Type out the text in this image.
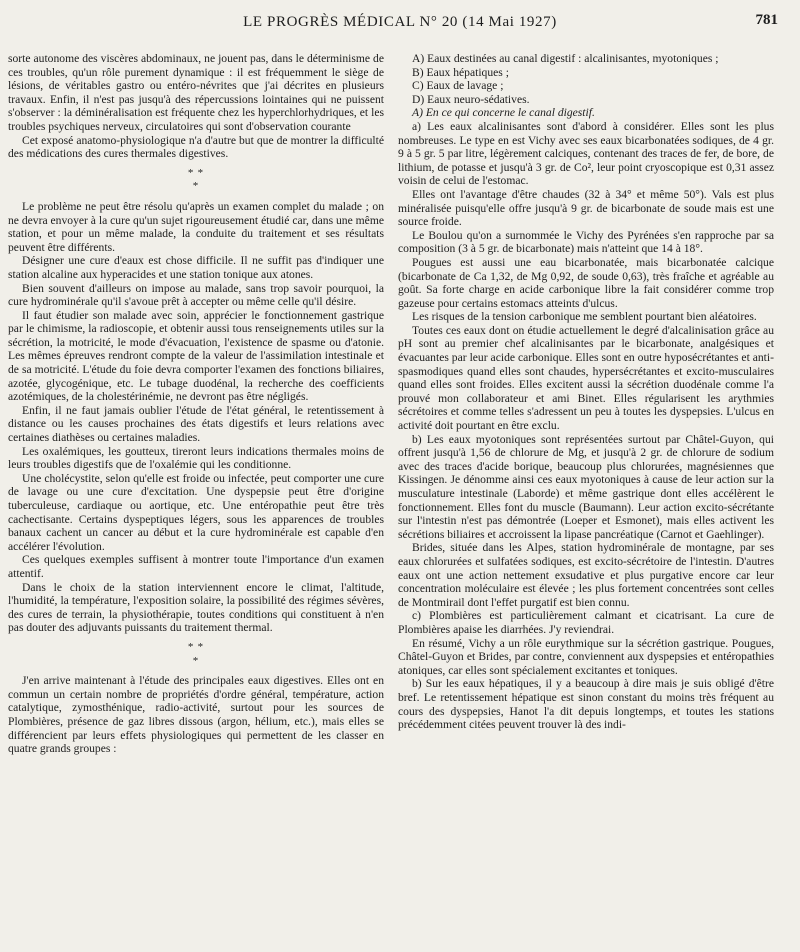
LE PROGRÈS MÉDICAL N° 20 (14 Mai 1927)	781

sorte autonome des viscères abdominaux, ne jouent pas, dans le déterminisme de ces troubles, qu'un rôle purement dynamique : il est fréquemment le siège de lésions, de véritables gastro ou entéro-névrites que j'ai décrites en plusieurs travaux. Enfin, il n'est pas jusqu'à des répercussions lointaines qui ne puissent s'observer : la déminéralisation est fréquente chez les hyperchlorhydriques, et les troubles psychiques nerveux, circulatoires qui sont d'observation courante

Cet exposé anatomo-physiologique n'a d'autre but que de montrer la difficulté des médications des cures thermales digestives.

* *
*

Le problème ne peut être résolu qu'après un examen complet du malade ; on ne devra envoyer à la cure qu'un sujet rigoureusement étudié car, dans une même station, et pour un même malade, la conduite du traitement et ses résultats peuvent être différents.

Désigner une cure d'eaux est chose difficile. Il ne suffit pas d'indiquer une station alcaline aux hyperacides et une station tonique aux atones.

Bien souvent d'ailleurs on impose au malade, sans trop savoir pourquoi, la cure hydrominérale qu'il s'avoue prêt à accepter ou même celle qu'il désire.

Il faut étudier son malade avec soin, apprécier le fonctionnement gastrique par le chimisme, la radioscopie, et obtenir aussi tous renseignements utiles sur la sécrétion, la motricité, le mode d'évacuation, l'existence de spasme ou d'atonie. Les mêmes épreuves rendront compte de la valeur de l'assimilation intestinale et de sa motricité. L'étude du foie devra comporter l'examen des fonctions biliaires, azotée, glycogénique, etc. Le tubage duodénal, la recherche des coefficients azotémiques, de la cholestérinémie, ne devront pas être négligés.

Enfin, il ne faut jamais oublier l'étude de l'état général, le retentissement à distance ou les causes prochaines des états digestifs et leurs relations avec certaines diathèses ou certaines maladies.

Les oxalémiques, les goutteux, tireront leurs indications thermales moins de leurs troubles digestifs que de l'oxalémie qui les conditionne.

Une cholécystite, selon qu'elle est froide ou infectée, peut comporter une cure de lavage ou une cure d'excitation. Une dyspepsie peut être d'origine tuberculeuse, cardiaque ou aortique, etc. Une entéropathie peut être très cachectisante. Certains dyspeptiques légers, sous les apparences de troubles banaux cachent un cancer au début et la cure hydrominérale est capable d'en accélérer l'évolution.

Ces quelques exemples suffisent à montrer toute l'importance d'un examen attentif.

Dans le choix de la station interviennent encore le climat, l'altitude, l'humidité, la température, l'exposition solaire, la possibilité des régimes sévères, des cures de terrain, la physiothérapie, toutes conditions qui constituent à n'en pas douter des adjuvants puissants du traitement thermal.

* *
*

J'en arrive maintenant à l'étude des principales eaux digestives. Elles ont en commun un certain nombre de propriétés d'ordre général, température, action catalytique, zymosthénique, radio-activité, surtout pour les sources de Plombières, présence de gaz libres dissous (argon, hélium, etc.), mais elles se différencient par leurs effets physiologiques qui permettent de les classer en quatre grands groupes :

A) Eaux destinées au canal digestif : alcalinisantes, myotoniques ;

B) Eaux hépatiques ;

C) Eaux de lavage ;

D) Eaux neuro-sédatives.

A) En ce qui concerne le canal digestif.

a) Les eaux alcalinisantes sont d'abord à considérer. Elles sont les plus nombreuses. Le type en est Vichy avec ses eaux bicarbonatées sodiques, de 4 gr. 9 à 5 gr. 5 par litre, légèrement calciques, contenant des traces de fer, de bore, de lithium, de potasse et jusqu'à 3 gr. de Co², leur point cryoscopique est 0,31 assez voisin de celui de l'estomac.

Elles ont l'avantage d'être chaudes (32 à 34° et même 50°). Vals est plus minéralisée puisqu'elle offre jusqu'à 9 gr. de bicarbonate de soude mais est une source froide.

Le Boulou qu'on a surnommée le Vichy des Pyrénées s'en rapproche par sa composition (3 à 5 gr. de bicarbonate) mais n'atteint que 14 à 18°.

Pougues est aussi une eau bicarbonatée, mais bicarbonatée calcique (bicarbonate de Ca 1,32, de Mg 0,92, de soude 0,63), très fraîche et agréable au goût. Sa forte charge en acide carbonique libre la fait considérer comme trop gazeuse pour certains estomacs atteints d'ulcus.

Les risques de la tension carbonique me semblent pourtant bien aléatoires.

Toutes ces eaux dont on étudie actuellement le degré d'alcalinisation grâce au pH sont au premier chef alcalinisantes par le bicarbonate, analgésiques et évacuantes par leur acide carbonique. Elles sont en outre hyposécrétantes et anti-spasmodiques quand elles sont chaudes, hypersécrétantes et excito-musculaires quand elles sont froides. Elles excitent aussi la sécrétion duodénale comme l'a prouvé mon collaborateur et ami Binet. Elles régularisent les arythmies sécrétoires et comme telles s'adressent un peu à toutes les dyspepsies. L'ulcus en activité doit pourtant en être exclu.

b) Les eaux myotoniques sont représentées surtout par Châtel-Guyon, qui offrent jusqu'à 1,56 de chlorure de Mg, et jusqu'à 2 gr. de chlorure de sodium avec des traces d'acide borique, beaucoup plus chlorurées, magnésiennes que Kissingen. Je dénomme ainsi ces eaux myotoniques à cause de leur action sur la musculature intestinale (Laborde) et même gastrique dont elles accélèrent le fonctionnement. Elles font du muscle (Baumann). Leur action excito-sécrétante sur l'intestin n'est pas démontrée (Loeper et Esmonet), mais elles activent les sécrétions biliaires et accroissent la lipase pancréatique (Carnot et Gaehlinger).

Brides, située dans les Alpes, station hydrominérale de montagne, par ses eaux chlorurées et sulfatées sodiques, est excito-sécrétoire de l'intestin. D'autres eaux ont une action nettement exsudative et plus purgative encore car leur concentration moléculaire est élevée ; les plus fortement concentrées sont celles de Montmirail dont l'effet purgatif est bien connu.

c) Plombières est particulièrement calmant et cicatrisant. La cure de Plombières apaise les diarrhées. J'y reviendrai.

En résumé, Vichy a un rôle eurythmique sur la sécrétion gastrique. Pougues, Châtel-Guyon et Brides, par contre, conviennent aux dyspepsies et entéropathies atoniques, car elles sont spécialement excitantes et toniques.

b) Sur les eaux hépatiques, il y a beaucoup à dire mais je suis obligé d'être bref. Le retentissement hépatique est sinon constant du moins très fréquent au cours des dyspepsies, Hanot l'a dit depuis longtemps, et toutes les stations précédemment citées peuvent trouver là des indi-
